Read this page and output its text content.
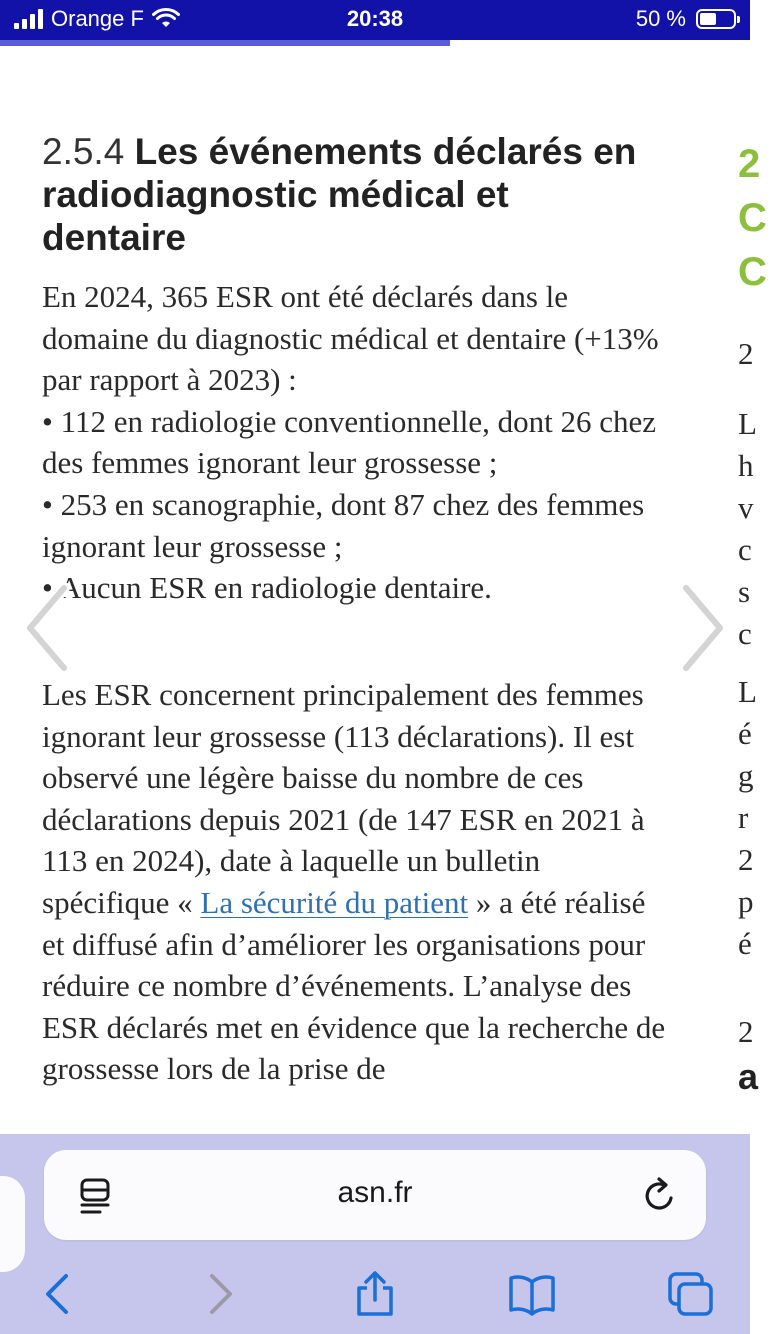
Orange F	20:38	50 %
2.5.4 Les événements déclarés en radiodiagnostic médical et dentaire
En 2024, 365 ESR ont été déclarés dans le domaine du diagnostic médical et dentaire (+13% par rapport à 2023) :
• 112 en radiologie conventionnelle, dont 26 chez des femmes ignorant leur grossesse ;
• 253 en scanographie, dont 87 chez des femmes ignorant leur grossesse ;
• Aucun ESR en radiologie dentaire.
Les ESR concernent principalement des femmes ignorant leur grossesse (113 déclarations). Il est observé une légère baisse du nombre de ces déclarations depuis 2021 (de 147 ESR en 2021 à 113 en 2024), date à laquelle un bulletin spécifique « La sécurité du patient » a été réalisé et diffusé afin d’améliorer les organisations pour réduire ce nombre d’événements. L’analyse des ESR déclarés met en évidence que la recherche de grossesse lors de la prise de
2
C
C
2
L
h
v
c
s
c
L
é
g
r
2
p
é
2
a
asn.fr
